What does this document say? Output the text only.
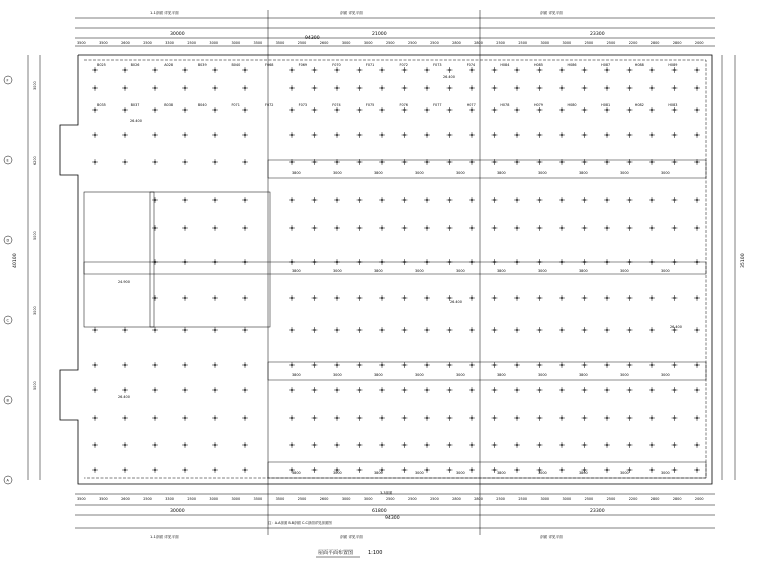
3500
3500
3500
3500
2600
2600
2500
2500
3300
3300
2500
2500
3000
3000
3000
3000
3500
3500
3500
3500
2500
2500
2600
2600
3000
3000
3000
3000
2500
2500
2500
2500
2500
2500
2800
2800
2800
2800
2500
2500
2500
2500
3000
3000
3000
3000
2500
2500
2500
2500
2200
2200
2800
2800
2800
2800
2000
2000
3800	3000	3800	3000	3000	3800	3000	3800	3000	3000
3800	3000	3800	3000	3000	3800	3000	3800	3000	3000
3800	3000	3800	3000	3000	3800	3000	3800	3000	3000
3800	3000	3800	3000	3000	3800	3000	3800	3000	3000
3000
6200
5000
3000
5000
B025	B026	A028	B039	B040	F068	F069	F070	F071	F072	F073	F074	H084	H085	H086	H087	H088	H089
B035	B037	B038	B040	F071	F072	F073	F074	F075	F076	F077	H077	H078	H079	H080	H081	H082	H083
A
B
C
D
E
F
94300
94300
30000	21000	23300
30000	61800	23300
1-1剖面 详见平面	剖面 详见平面	剖面 详见平面
1-1剖面 详见平面	剖面 详见平面	剖面 详见平面
注：A-A剖面 B-B剖面 C-C剖面详见剖面图
3-3剖面
40100	35100
26.400
26.400
26.400
26.400
24.900
26.400
屋面平面布置图	1:100
